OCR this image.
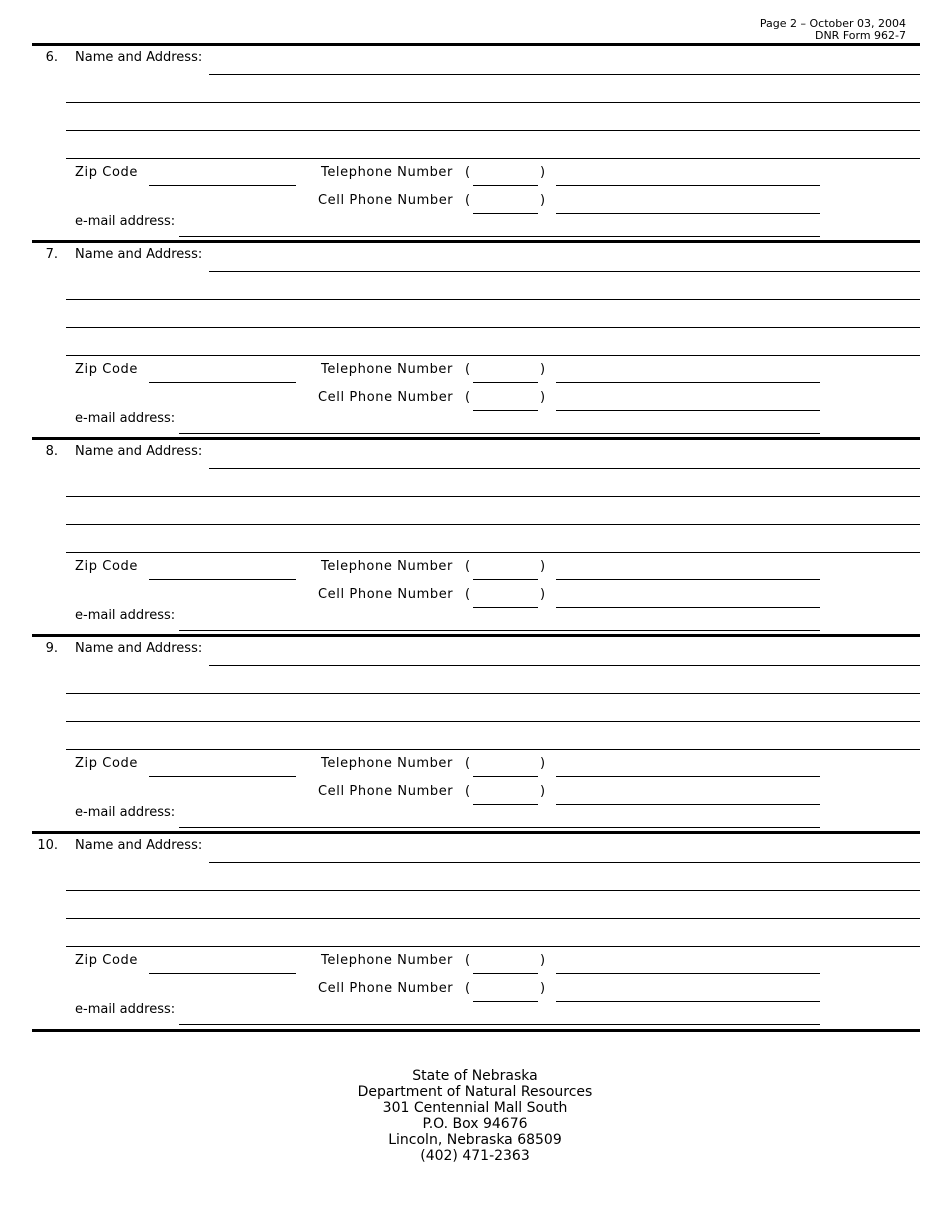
Page 2 – October 03, 2004
DNR Form 962-7
6. Name and Address:
Zip Code	Telephone Number (	)
Cell Phone Number (	)
e-mail address:
7. Name and Address:
Zip Code	Telephone Number (	)
Cell Phone Number (	)
e-mail address:
8. Name and Address:
Zip Code	Telephone Number (	)
Cell Phone Number (	)
e-mail address:
9. Name and Address:
Zip Code	Telephone Number (	)
Cell Phone Number (	)
e-mail address:
10. Name and Address:
Zip Code	Telephone Number (	)
Cell Phone Number (	)
e-mail address:
State of Nebraska
Department of Natural Resources
301 Centennial Mall South
P.O. Box 94676
Lincoln, Nebraska 68509
(402) 471-2363
